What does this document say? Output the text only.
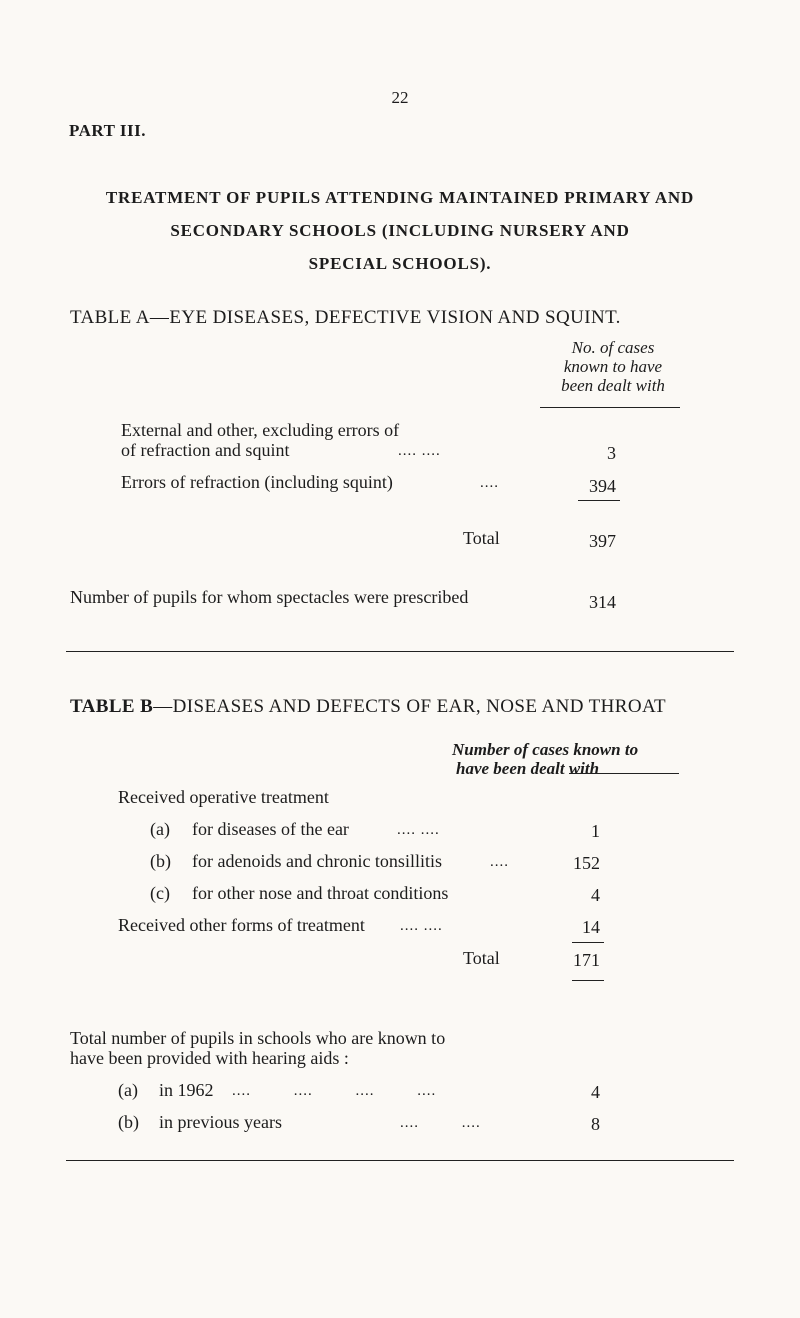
22
PART III.
TREATMENT OF PUPILS ATTENDING MAINTAINED PRIMARY AND
SECONDARY SCHOOLS (INCLUDING NURSERY AND
SPECIAL SCHOOLS).
TABLE A—EYE DISEASES, DEFECTIVE VISION AND SQUINT.
No. of cases
known to have
been dealt with
External and other, excluding errors of
of refraction and squint	.... ....	3
Errors of refraction (including squint)	....	394
Total	397
Number of pupils for whom spectacles were prescribed	314
TABLE B—DISEASES AND DEFECTS OF EAR, NOSE AND THROAT
Number of cases known to
have been dealt with
Received operative treatment
(a) for diseases of the ear	.... ....	1
(b) for adenoids and chronic tonsillitis	....	152
(c) for other nose and throat conditions	4
Received other forms of treatment .... ....	14
Total	171
Total number of pupils in schools who are known to
have been provided with hearing aids :
(a) in 1962 .... .... .... ....	4
(b) in previous years	.... ....	8
